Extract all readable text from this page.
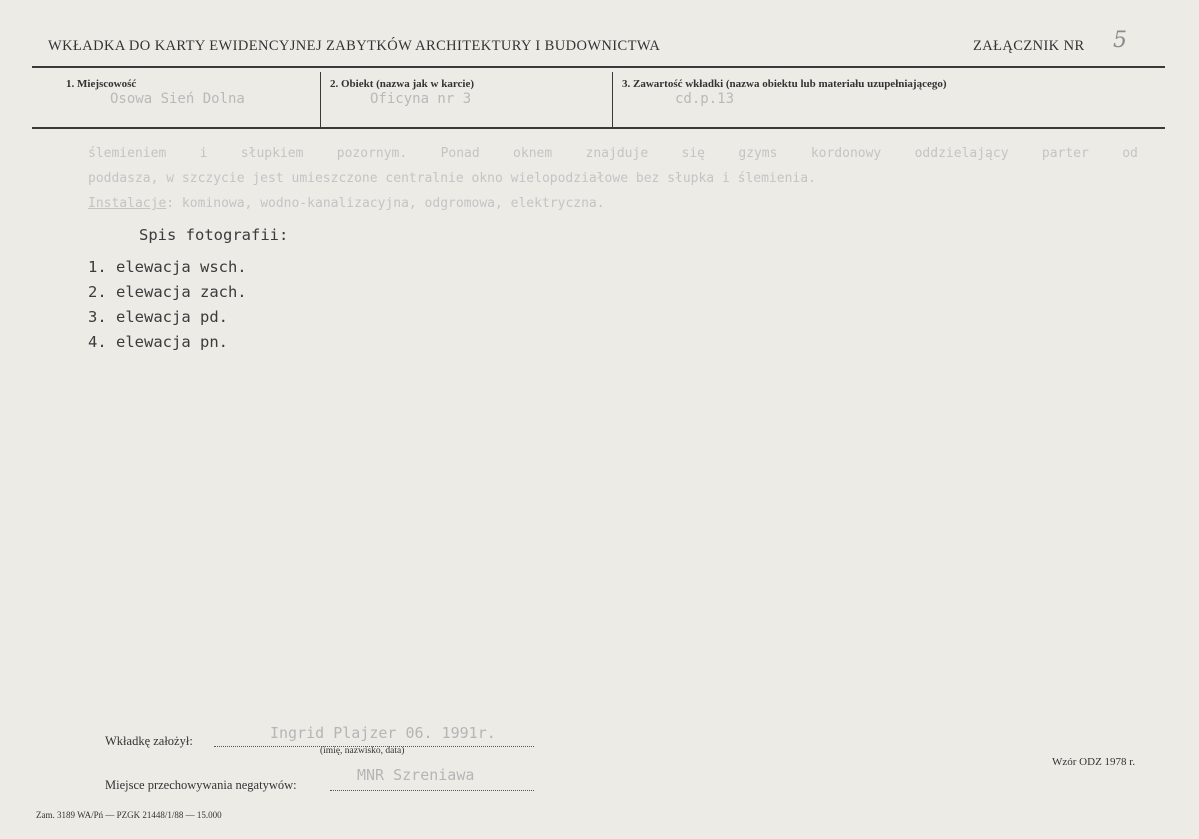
WKŁADKA DO KARTY EWIDENCYJNEJ ZABYTKÓW ARCHITEKTURY I BUDOWNICTWA	ZAŁĄCZNIK NR 5
1. Miejscowość
Osowa Sień Dolna
2. Obiekt (nazwa jak w karcie)
Oficyna nr 3
3. Zawartość wkładki (nazwa obiektu lub materiału uzupełniającego)
cd.p.13
ślemieniem	i	słupkiem	pozornym.	Ponad	oknem	znajduje	się	gzyms	kordonowy	oddzielający	parter	od
poddasza, w szczycie jest umieszczone centralnie okno wielopodziałowe bez słupka i ślemienia.
Instalacje: kominowa, wodno-kanalizacyjna, odgromowa, elektryczna.
Spis fotografii:
1. elewacja wsch.
2. elewacja zach.
3. elewacja pd.
4. elewacja pn.
Wkładkę założył:	Ingrid Plajzer 06. 1991r.
(imię, nazwisko, data)
Miejsce przechowywania negatywów:
MNR Szreniawa
Wzór ODZ 1978 r.
Zam. 3189 WA/Pń — PZGK 21448/1/88 — 15.000
